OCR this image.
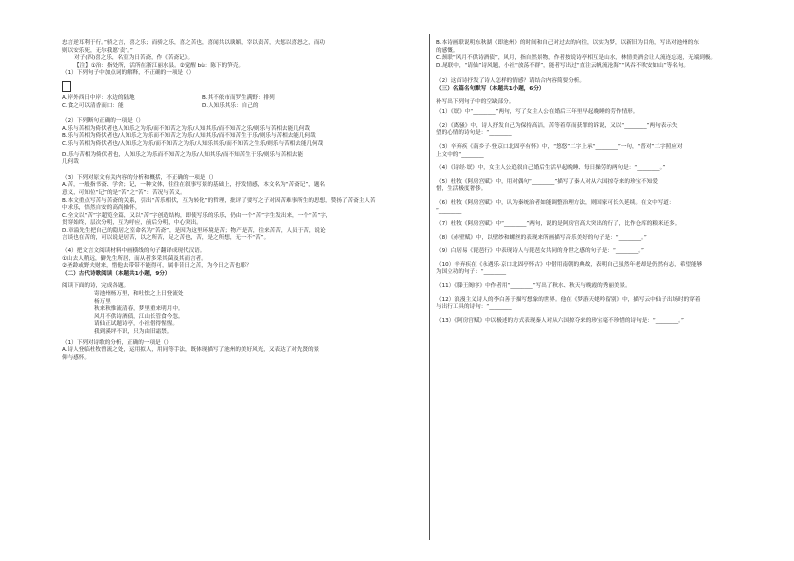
忠言逆耳利于行。”骄之言，喜之乐；而骄之乐，喜之苦也，喜闻共以谀媚，宰以责苦，夫惩以喜怒之，而功

则以安乐死，无尔我愿‘责’。”

对子(四)喜之乐，名室为日苦斋，作《苦斋记》。

【注】①治：指处所，活所在浙江丽水县。②觉醒 bù：陈下的笋壳。

（1）下列句子中加点词的解释，不正确的一项是（）

A.岸外西日中岸：水边的陆地	B.其不依市而罗生满野：排列
C.食之可以清香而口：能	D.人知乐其乐：自己的

（2）下列断句正确的一项是（）

A.乐与苦相为倚伏者也人知乐之为乐/而不知苦之为乐/人知其乐/而不知苦之乐/则乐与苦相去能几何哉

B.乐与苦相为倚伏者也/人知乐之为乐而不知苦之为乐/人知其乐/而不知苦生于乐/则乐与苦相去能几何哉

C.乐与苦相为倚伏者也/人知乐之为乐/而不知苦之为乐/人知乐其乐/而不知苦之生乐/则乐与苦相去能几何哉

D.乐与苦相为倚伏者也，人知乐之为乐而不知苦之为乐/人知其乐/而不知苦生于乐/则乐与苦相去能

几何哉

（3）下列对原文有关内容的分析和概括，不正确的一项是（）

A.苦，一般指书斋、学舍；记，一种文体，往往在叙事写景的基础上，抒发情感，本文名为“苦斋记”，题名

意义，可知位“记”的是“苦”之“苦”：苦况与苦义。

B.本文重点写苦与苦斋的关系，引出“苦乐相伏，互为转化”的哲理，批评了要写之子对因苦难事所生的思想，赞扬了苦斋主人苦

中求乐，悟然自安的高尚操怀。

C.全文以“苦”字超览全篇，又以“苦”字创造结构，即使写乐的乐乐，仍由一个“苦”字生发出来，一个“苦”字，

贯穿始终，层次分明，互为呼应，前后分明，中心突出。

D.章溢先生把自己的隐居之室命名为“苦斋”，是因为这里环境是苦；物产是苦，往来苦苦，人员于苦，说论

言谈也在苦的，可以说是居苦，以之所苦，足之苦也，苦，是之所想，无一不“苦”。

（4）把文言文阅读材料中画横线的句子翻译成现代汉语。

①山去人稍远，僻先生所居，而从者多采其菌及其而言者。

②圣龄或野夫财来，惜他去带带不能得可，属非昔日之苦，为今日之苦也耶？

（二）古代诗歌阅读（本题共1小题，9分）

阅读下面的诗，完成各题。

寄池州杨万里，和吐怯之上日登流处

杨万里

秋来秋惟流清春，梦里重来明月中。

风月不供诗酒债，江山长管食今忽。

请仙正试题诗亭，小社借得惺惺。

我到溪坪不识，只为由旧霜禁。

（1）下列对诗歌的分析，正确的一项是（）

A.诗人登临杜牧曾流之处，运用拟人，用同等手法，既体现描写了池州的美好风光，又表达了对先贤的景

仰与感怀。

B.本诗画联说明东秋湖（即池州）的时间和自己对过去的向往，以实为梦，以新旧为目角，写出对池州的东

的感慨。

C.颈联“风月不供诗酒债”，风月，指自然景物，作者按说诗亭相互是山水，林情美酒会让人流连忘返，无端到极。

D.尾联中，“请仙”诗风题，小社“放荡不群”，能者写出过“直注云帆流沧海”“风吞不吹安如山”等名句。

（2）这首诗抒发了诗人怎样的情感？请结合内容简要分析。

（三）名篇名句默写（本题共1小题，6分）

补写出下列句子中的空缺部分。

（1）《氓》中“________”两句，写了女主人公在婚后三年里早起晚睡的劳作情形。

（2）《离骚》中，诗人抒发自己为保持高洁，苦等着草而获罪的诉说，又以“________”两句表示失

望的心情的诗句是：“________

（3）辛弃疾《南乡子·登京口北固亭有怀》中，“悠悠”二字上承“________”一句，“普对”二字照应对

上文中的“________

（4）《诗经·氓》中，女主人公追叙自己婚后生活早起晚睡、每日操劳的两句是：“________。”

（5）杜牧《阿房宫赋》中，用对偶句“________”描写了秦人对从六国掠夺来的珍宝不知爱

惜，生活极度奢侈。

（6）杜牧《阿房宫赋》中，认为秦统治者如能调整治理方法，则国家可长久延续。在文中写道：

“________

（7）杜牧《阿房宫赋》中“________”两句，说的是阿房宫高大突出的行了，比作仓库的粮米还多。

（8）《赤壁赋》中，以壁纱和螺丝的表现来所画描写音乐美好的句子是：“________。”

（9）白居易《琵琶行》中表现诗人与琵琶女共同的身世之感的句子是：“________。”

（10）辛弃疾在《永遇乐·京口北固亭怀古》中借用南朝的典故，表明自己虽然年老却是仍然有志，希望能够

为国立功的句子：“________

（11）《滕王阁序》中作者用“________”写出了秋水、秋天与晚霞的秀丽美景。

（12）浪漫主义诗人的李白善于描写想象的世界。他在《梦游天姥吟留别》中，描写云中仙子出场时的穿着

与出行工具的诗句：“________

（13）《阿房宫赋》中以极述的方式表现秦人对从六国掠夺来的珍宝毫不珍惜的诗句是：“________。”
